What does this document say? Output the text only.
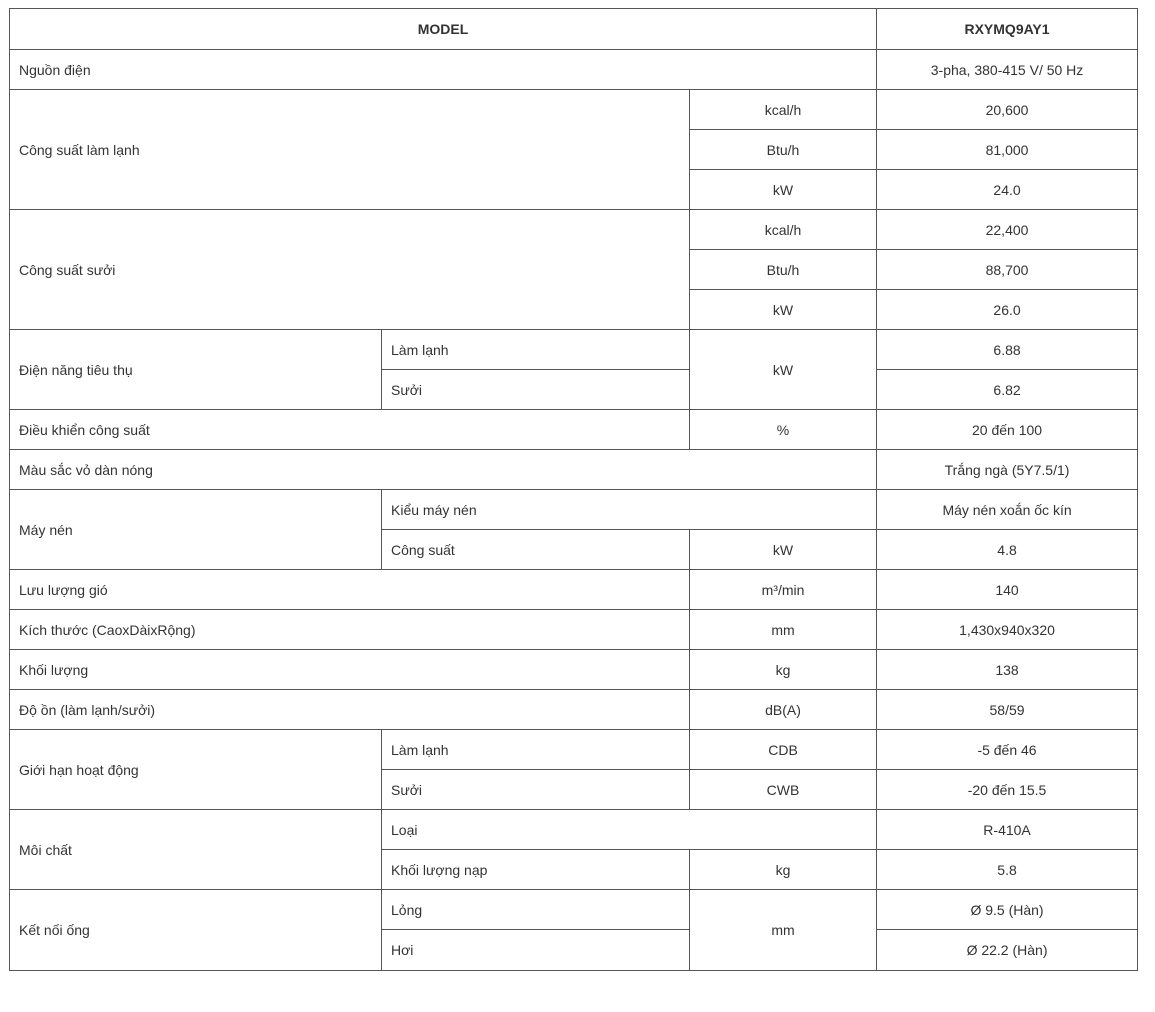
MODEL			RXYMQ9AY1
Nguồn điện			3-pha, 380-415 V/ 50 Hz
Công suất làm lạnh		kcal/h	20,600
		Btu/h	81,000
		kW	24.0
Công suất sưởi		kcal/h	22,400
		Btu/h	88,700
		kW	26.0
Điện năng tiêu thụ	Làm lạnh	kW	6.88
	Sưởi		6.82
Điều khiển công suất		%	20 đến 100
Màu sắc vỏ dàn nóng			Trắng ngà (5Y7.5/1)
Máy nén	Kiểu máy nén		Máy nén xoắn ốc kín
	Công suất	kW	4.8
Lưu lượng gió		m³/min	140
Kích thước (CaoxDàixRộng)		mm	1,430x940x320
Khối lượng		kg	138
Độ ồn (làm lạnh/sưởi)		dB(A)	58/59
Giới hạn hoạt động	Làm lạnh	CDB	-5 đến 46
	Sưởi	CWB	-20 đến 15.5
Môi chất	Loại		R-410A
	Khối lượng nạp	kg	5.8
Kết nối ống	Lỏng	mm	Ø 9.5 (Hàn)
	Hơi		Ø 22.2 (Hàn)
